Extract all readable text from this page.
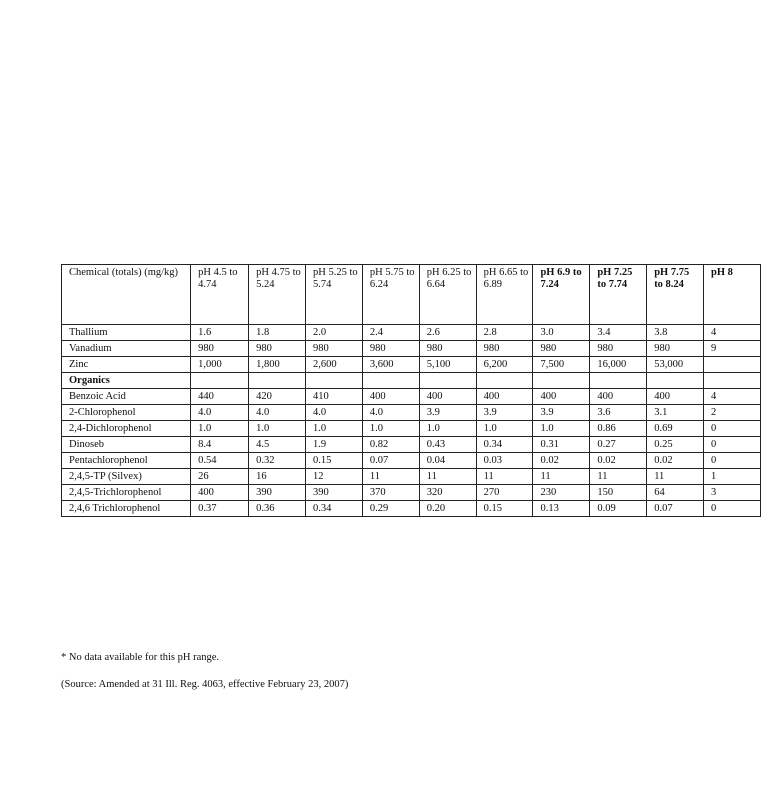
Chemical (totals) (mg/kg)	pH 4.5 to 4.74	pH 4.75 to 5.24	pH 5.25 to 5.74	pH 5.75 to 6.24	pH 6.25 to 6.64	pH 6.65 to 6.89	pH 6.9 to 7.24	pH 7.25 to 7.74	pH 7.75 to 8.24	pH 8
Thallium	1.6	1.8	2.0	2.4	2.6	2.8	3.0	3.4	3.8	4
Vanadium	980	980	980	980	980	980	980	980	980	9
Zinc	1,000	1,800	2,600	3,600	5,100	6,200	7,500	16,000	53,000	
Organics										
Benzoic Acid	440	420	410	400	400	400	400	400	400	4
2-Chlorophenol	4.0	4.0	4.0	4.0	3.9	3.9	3.9	3.6	3.1	2
2,4-Dichlorophenol	1.0	1.0	1.0	1.0	1.0	1.0	1.0	0.86	0.69	0
Dinoseb	8.4	4.5	1.9	0.82	0.43	0.34	0.31	0.27	0.25	0
Pentachlorophenol	0.54	0.32	0.15	0.07	0.04	0.03	0.02	0.02	0.02	0
2,4,5-TP (Silvex)	26	16	12	11	11	11	11	11	11	1
2,4,5-Trichlorophenol	400	390	390	370	320	270	230	150	64	3
2,4,6 Trichlorophenol	0.37	0.36	0.34	0.29	0.20	0.15	0.13	0.09	0.07	0
* No data available for this pH range.
(Source: Amended at 31 Ill. Reg. 4063, effective February 23, 2007)
